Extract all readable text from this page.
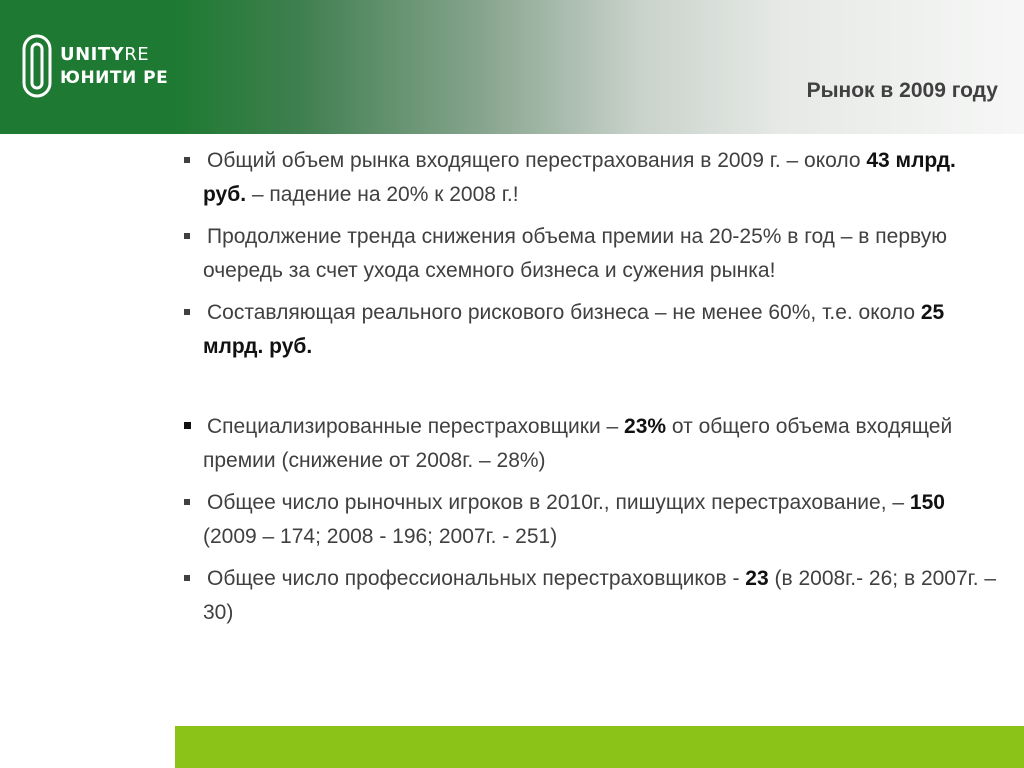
UNITYRE
ЮНИТИ РЕ
Рынок в 2009 году
Общий объем рынка входящего перестрахования в 2009 г. – около 43 млрд. руб. – падение на 20% к 2008 г.!
Продолжение тренда снижения объема премии на 20-25% в год – в первую очередь за счет ухода схемного бизнеса и сужения рынка!
Составляющая реального рискового бизнеса – не менее 60%, т.е. около 25 млрд. руб.
Специализированные перестраховщики – 23% от общего объема входящей премии (снижение от 2008г. – 28%)
Общее число рыночных игроков в 2010г., пишущих перестрахование, – 150 (2009 – 174; 2008 - 196; 2007г. - 251)
Общее число профессиональных перестраховщиков - 23 (в 2008г.- 26; в 2007г. – 30)
